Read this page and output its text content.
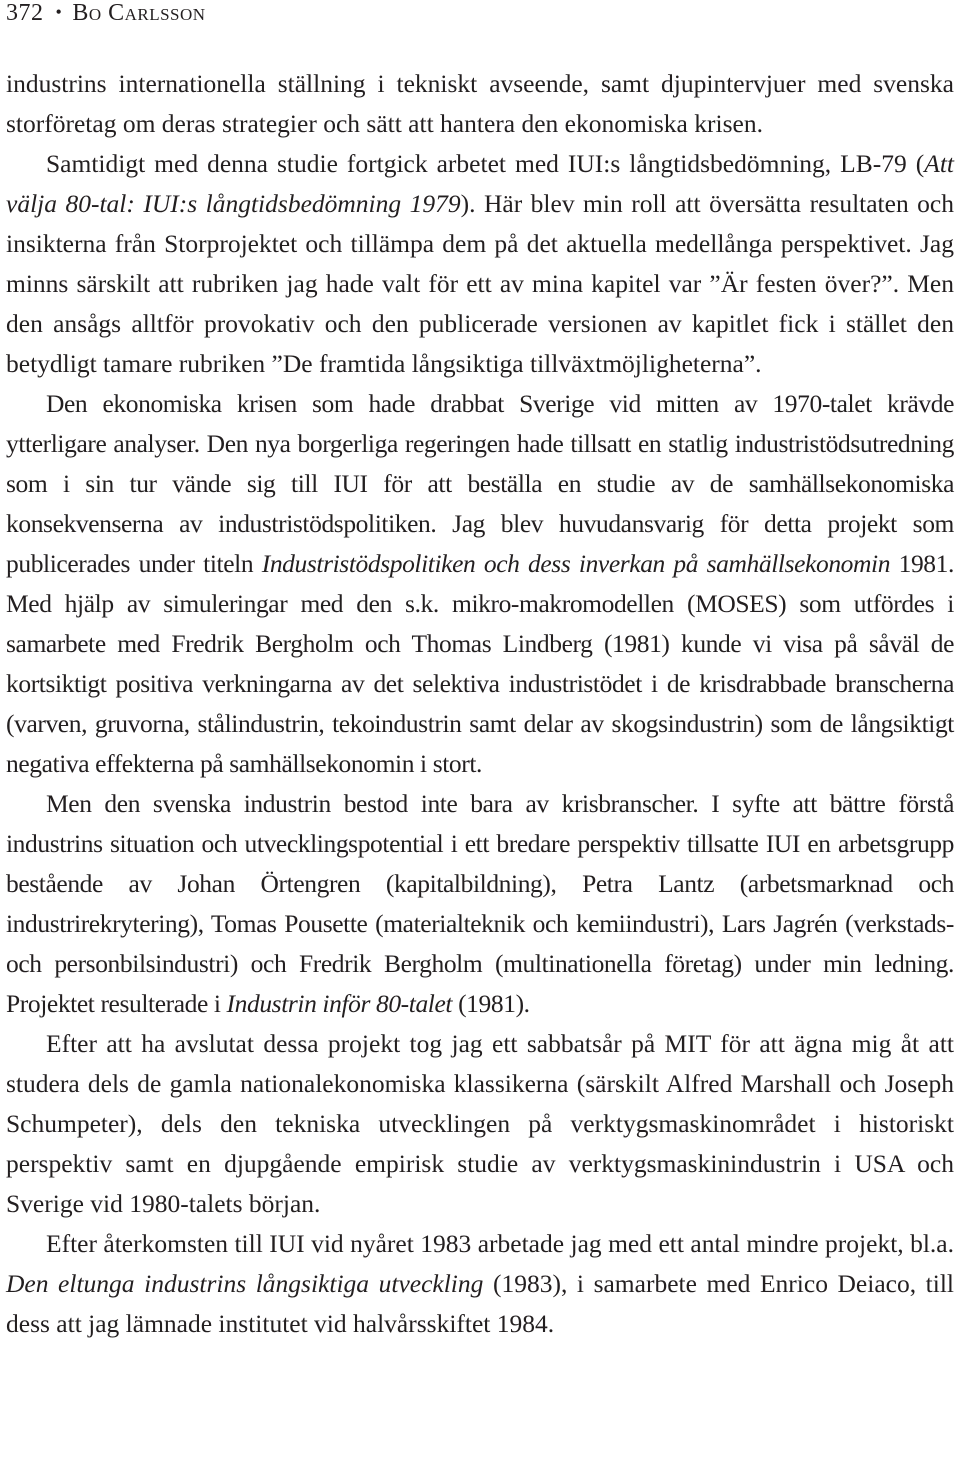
372 • Bo Carlsson

industrins internationella ställning i tekniskt avseende, samt djupintervjuer med svenska storföretag om deras strategier och sätt att hantera den ekonomiska krisen.

Samtidigt med denna studie fortgick arbetet med IUI:s långtidsbedömning, LB-79 (Att välja 80-tal: IUI:s långtidsbedömning 1979). Här blev min roll att översätta resultaten och insikterna från Storprojektet och tillämpa dem på det aktuella medellånga perspektivet. Jag minns särskilt att rubriken jag hade valt för ett av mina kapitel var ”Är festen över?”. Men den ansågs alltför provokativ och den publicerade versionen av kapitlet fick i stället den betydligt tamare rubriken ”De framtida långsiktiga tillväxtmöjligheterna”.

Den ekonomiska krisen som hade drabbat Sverige vid mitten av 1970-talet krävde ytterligare analyser. Den nya borgerliga regeringen hade tillsatt en statlig industristödsutredning som i sin tur vände sig till IUI för att beställa en studie av de samhällsekonomiska konsekvenserna av industristödspolitiken. Jag blev huvudansvarig för detta projekt som publicerades under titeln Industristödspolitiken och dess inverkan på samhällsekonomin 1981. Med hjälp av simuleringar med den s.k. mikro-makromodellen (MOSES) som utfördes i samarbete med Fredrik Bergholm och Thomas Lindberg (1981) kunde vi visa på såväl de kortsiktigt positiva verkningarna av det selektiva industristödet i de krisdrabbade branscherna (varven, gruvorna, stålindustrin, tekoindustrin samt delar av skogsindustrin) som de långsiktigt negativa effekterna på samhällsekonomin i stort.

Men den svenska industrin bestod inte bara av krisbranscher. I syfte att bättre förstå industrins situation och utvecklingspotential i ett bredare perspektiv tillsatte IUI en arbetsgrupp bestående av Johan Örtengren (kapitalbildning), Petra Lantz (arbetsmarknad och industrirekrytering), Tomas Pousette (materialteknik och kemiindustri), Lars Jagrén (verkstads- och personbilsindustri) och Fredrik Bergholm (multinationella företag) under min ledning. Projektet resulterade i Industrin inför 80-talet (1981).

Efter att ha avslutat dessa projekt tog jag ett sabbatsår på MIT för att ägna mig åt att studera dels de gamla nationalekonomiska klassikerna (särskilt Alfred Marshall och Joseph Schumpeter), dels den tekniska utvecklingen på verktygsmaskinområdet i historiskt perspektiv samt en djupgående empirisk studie av verktygsmaskinindustrin i USA och Sverige vid 1980-talets början.

Efter återkomsten till IUI vid nyåret 1983 arbetade jag med ett antal mindre projekt, bl.a. Den eltunga industrins långsiktiga utveckling (1983), i samarbete med Enrico Deiaco, till dess att jag lämnade institutet vid halvårsskiftet 1984.
